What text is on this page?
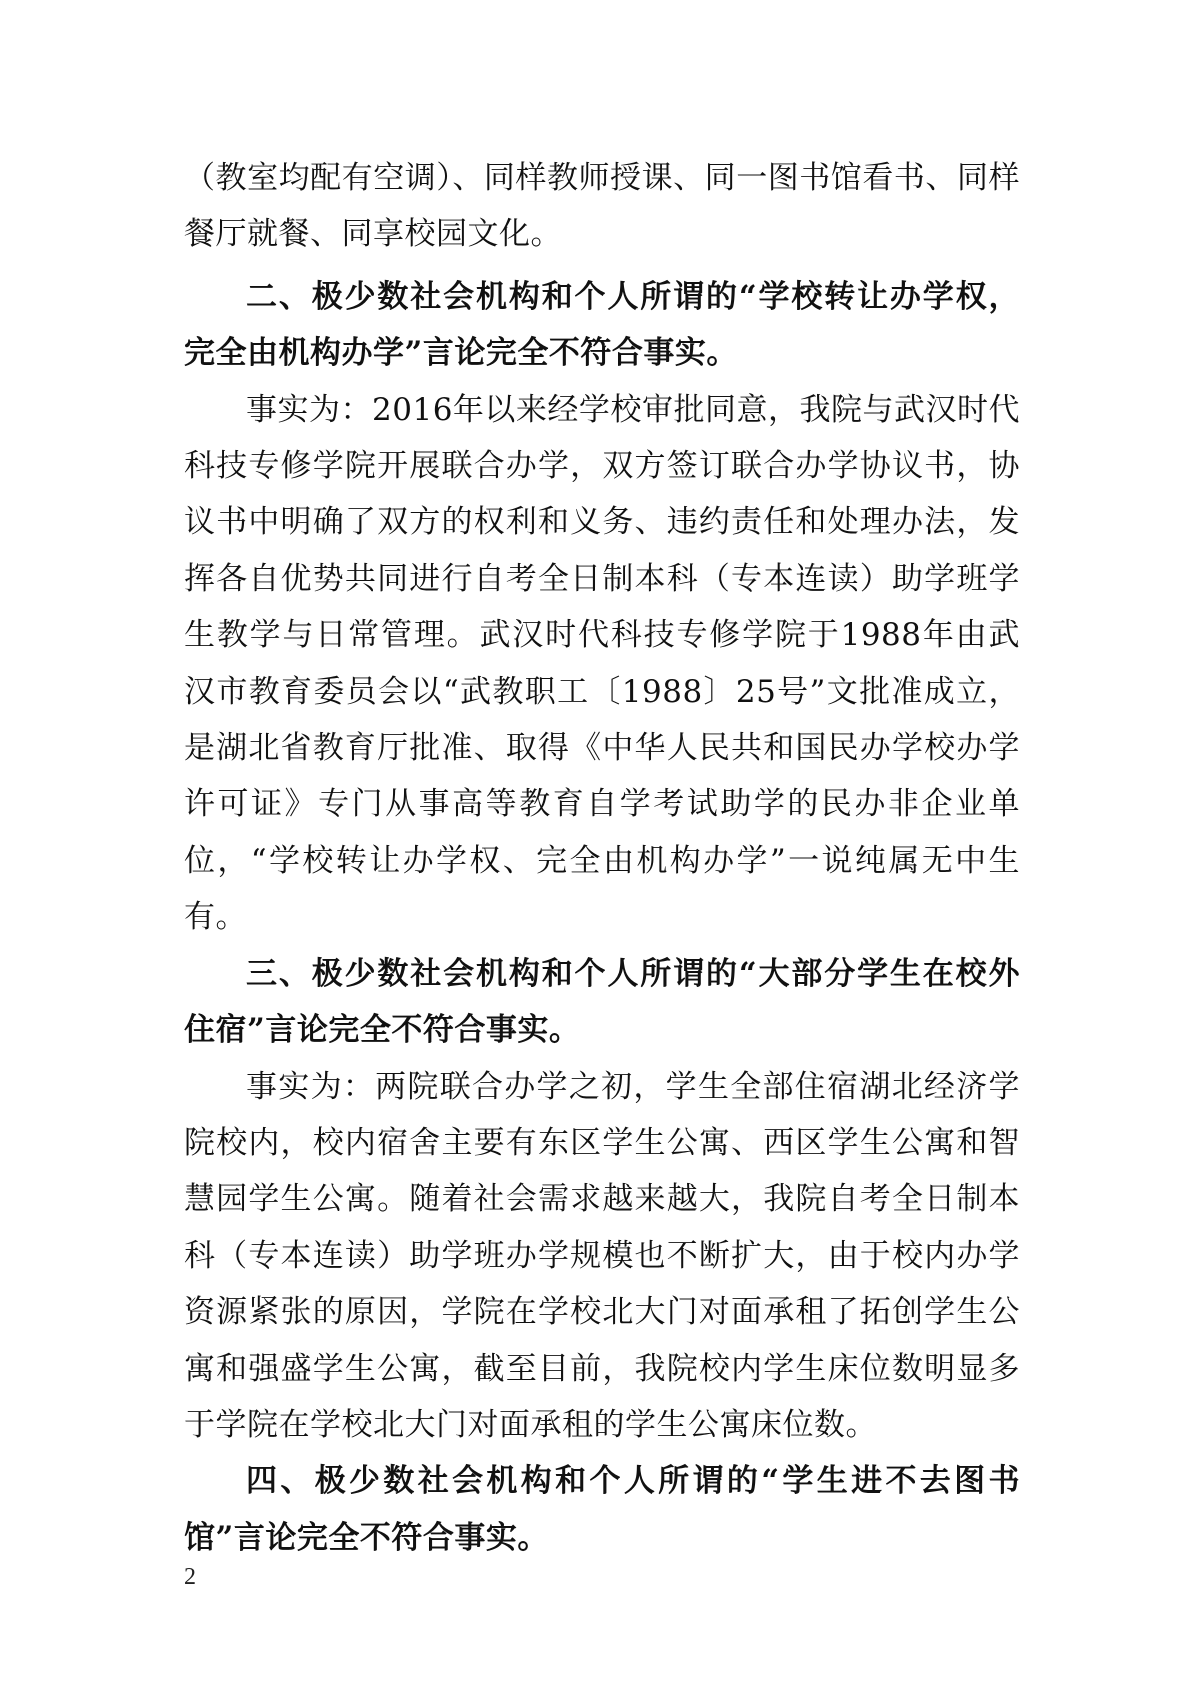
（教室均配有空调）、同样教师授课、同一图书馆看书、同样餐厅就餐、同享校园文化。

二、极少数社会机构和个人所谓的“学校转让办学权，完全由机构办学”言论完全不符合事实。

事实为：2016年以来经学校审批同意，我院与武汉时代科技专修学院开展联合办学，双方签订联合办学协议书，协议书中明确了双方的权利和义务、违约责任和处理办法，发挥各自优势共同进行自考全日制本科（专本连读）助学班学生教学与日常管理。武汉时代科技专修学院于1988年由武汉市教育委员会以“武教职工〔1988〕25号”文批准成立，是湖北省教育厅批准、取得《中华人民共和国民办学校办学许可证》专门从事高等教育自学考试助学的民办非企业单位，“学校转让办学权、完全由机构办学”一说纯属无中生有。

三、极少数社会机构和个人所谓的“大部分学生在校外住宿”言论完全不符合事实。

事实为：两院联合办学之初，学生全部住宿湖北经济学院校内，校内宿舍主要有东区学生公寓、西区学生公寓和智慧园学生公寓。随着社会需求越来越大，我院自考全日制本科（专本连读）助学班办学规模也不断扩大，由于校内办学资源紧张的原因，学院在学校北大门对面承租了拓创学生公寓和强盛学生公寓，截至目前，我院校内学生床位数明显多于学院在学校北大门对面承租的学生公寓床位数。

四、极少数社会机构和个人所谓的“学生进不去图书馆”言论完全不符合事实。

2
